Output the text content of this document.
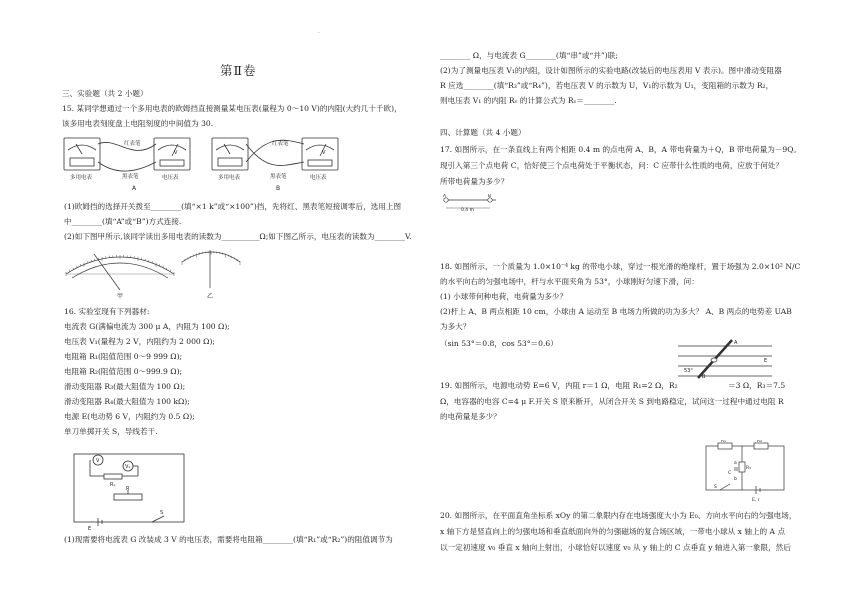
·
第Ⅱ卷
三、实验题（共 2 小题）
15. 某同学想通过一个多用电表的欧姆挡直接测量某电压表(量程为 0～10 V)的内阻(大约几十千欧)，
该多用电表刻度盘上电阻刻度的中间值为 30.
红表笔
黑表笔
多用电表	电压表
V
A
红表笔
黑表笔
多用电表	电压表
V
B
(1)欧姆挡的选择开关拨至________(填“×1 k”或“×100”)挡，先将红、黑表笔短接调零后，选用上图
中________(填“A”或“B”)方式连接.
(2)如下图甲所示,该同学读出多用电表的读数为__________Ω;如下图乙所示，电压表的读数为________V.
甲	乙
16. 实验室现有下列器材:
电流表 G(满偏电流为 300 μ A，内阻为 100 Ω);
电压表 V₁(量程为 2 V，内阻约为 2 000 Ω);
电阻箱 R₁(阻值范围 0～9 999 Ω);
电阻箱 R₂(阻值范围 0～999.9 Ω);
滑动变阻器 R₃(最大阻值为 100 Ω);
滑动变阻器 R₄(最大阻值为 100 kΩ);
电源 E(电动势 6 V，内阻约为 0.5 Ω);
单刀单掷开关 S，导线若干.
V
V₁
Rₓ
R
E
S
(1)现需要将电流表 G 改装成 3 V 的电压表，需要将电阻箱________(填“R₁”或“R₂”)的阻值调节为
________ Ω，与电流表 G________(填“串”或“并”)联;
(2)为了测量电压表 V₁的内阻，设计如图所示的实验电路(改装后的电压表用 V 表示)。图中滑动变阻器
R 应选________(填“R₃”或“R₄”)，若电压表 V 的示数为 U，V₁的示数为 U₁，变阻箱的示数为 R₂，
则电压表 V₁ 的内阻 Rᵥ 的计算公式为 Rᵥ＝________.
四、计算题（共 4 小题）
17. 如图所示，在一条直线上有两个相距 0.4 m 的点电荷 A、B，A 带电荷量为＋Q，B 带电荷量为－9Q。
现引入第三个点电荷 C，恰好使三个点电荷处于平衡状态，问：C 应带什么性质的电荷，应放于何处？
所带电荷量为多少？
A	B
0.4 m
18. 如图所示，一个质量为 1.0×10⁻⁴ kg 的带电小球，穿过一根光滑的绝缘杆，置于场强为 2.0×10² N/C
的水平向右的匀强电场中，杆与水平面夹角为 53°，小球刚好匀速下滑，问：
(1) 小球带何种电荷，电荷量为多少？
(2)杆上 A、B 两点相距 10 cm，小球由 A 运动至 B 电场力所做的功为多大？ A、B 两点的电势差 UAB
为多大？
（sin 53°＝0.8，cos 53°＝0.6）
53°
E
A
B
19. 如图所示，电源电动势 E=6 V，内阻 r＝1 Ω，电阻 R₁=2 Ω，R₂	＝3 Ω，R₃＝7.5
Ω，电容器的电容 C=4 μ F.开关 S 原来断开，从闭合开关 S 到电路稳定，试问这一过程中通过电阻 R
的电荷量是多少？
R₁	R₂
R₃
C
a
b
S
E, r
20. 如图所示，在平面直角坐标系 xOy 的第二象限内存在电场强度大小为 E₀、方向水平向右的匀强电场，
x 轴下方是竖直向上的匀强电场和垂直纸面向外的匀强磁场的复合场区域，一带电小球从 x 轴上的 A 点
以一定初速度 v₀ 垂直 x 轴向上射出，小球恰好以速度 v₀ 从 y 轴上的 C 点垂直 y 轴进入第一象限，然后
